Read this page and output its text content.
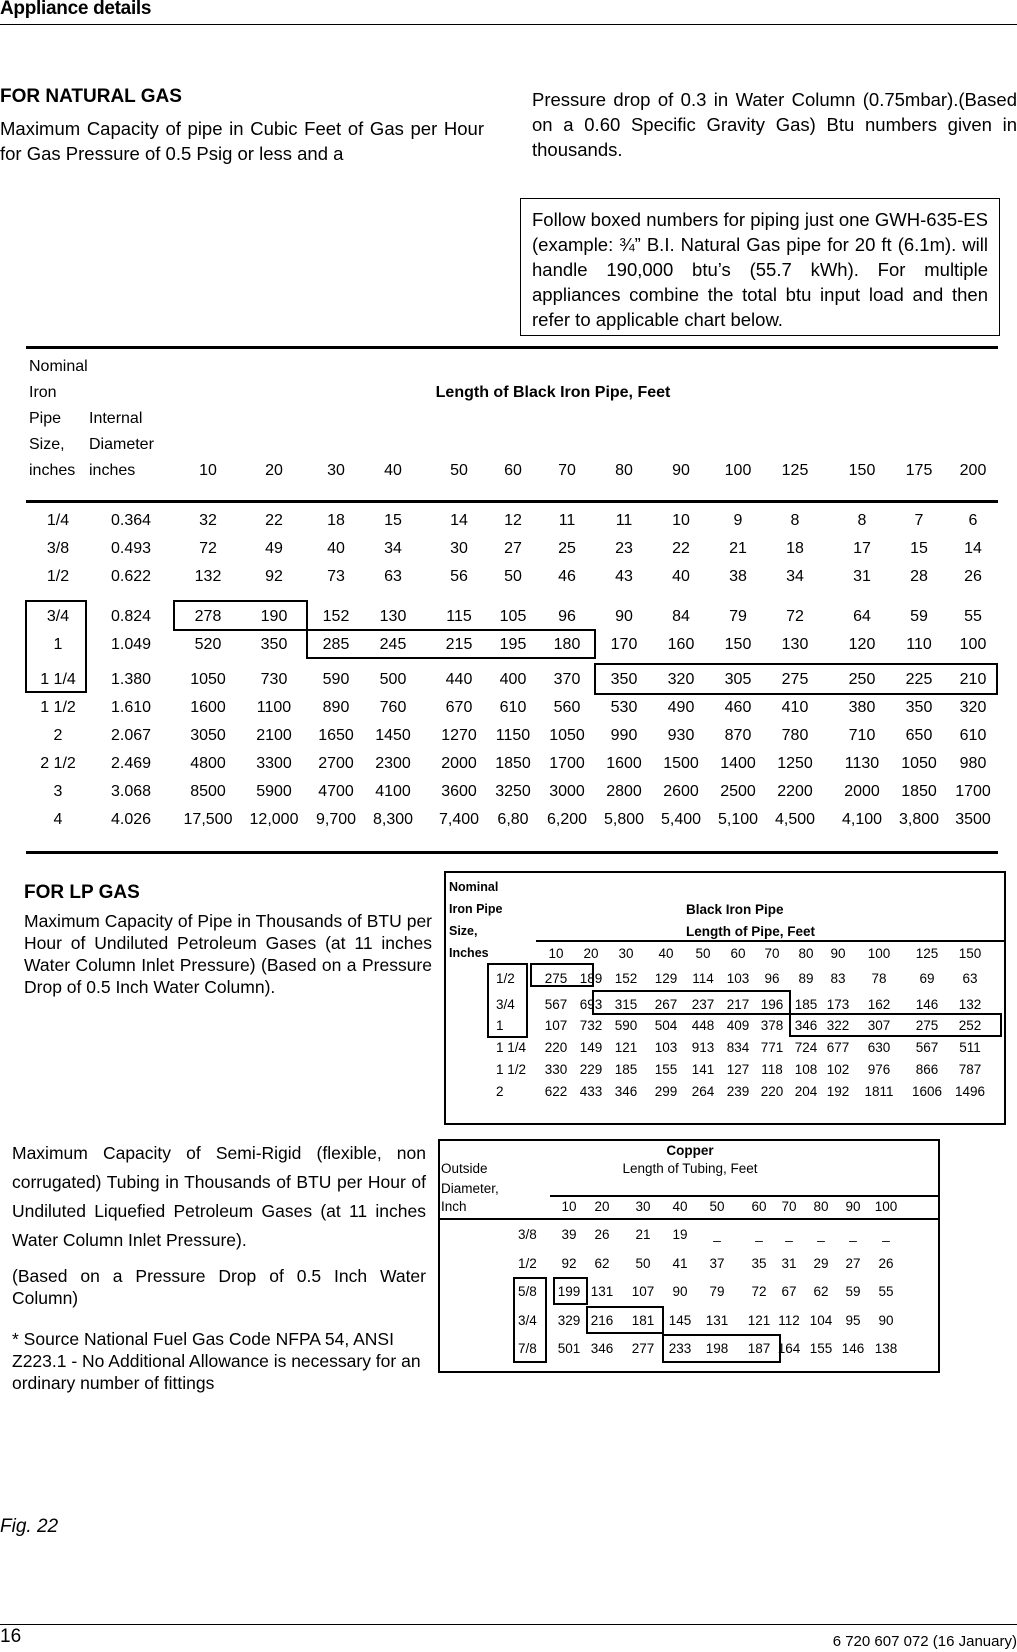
Appliance details
FOR NATURAL GAS
Maximum Capacity of pipe in Cubic Feet of Gas per Hour for Gas Pressure of 0.5 Psig or less and a
Pressure drop of 0.3 in Water Column (0.75mbar).(Based on a 0.60 Specific Gravity Gas) Btu numbers given in thousands.
Follow boxed numbers for piping just one GWH-635-ES (example: ¾” B.I. Natural Gas pipe for 20 ft (6.1m). will handle 190,000 btu’s (55.7 kWh). For multiple appliances combine the total btu input load and then refer to applicable chart below.
Nominal
Iron
Pipe
Size,
inches
Internal
Diameter
inches
Length of Black Iron Pipe, Feet
10	20	30 40	50 60 70 80 90 100 125	150 175 200
1/4	0.364	32	22	18 15	14 12 11	11 10	9	8	8	7	6
3/8	0.493	72	49	40 34	30 27 25 23 22 21 18	17 15 14
1/2	0.622	132	92	73 63	56 50 46 43 40 38 34	31 28 26
3/4	0.824	278 190 152 130 115 105 96 90 84 79 72	64 59 55
1	1.049	520 350 285 245 215 195 180 170 160 150 130	120 110 100
1 1/4 1.380 1050 730 590 500 440 400 370 350 320 305 275	250 225 210
1 1/2 1.610 1600 1100 890 760 670 610 560 530 490 460 410	380 350 320
2	2.067 3050 2100 1650 1450 1270 1150 1050 990 930 870 780	710 650 610
2 1/2 2.469 4800 3300 2700 2300 2000 1850 1700 1600 1500 1400 1250 1130 1050 980
3	3.068 8500 5900 4700 4100 3600 3250 3000 2800 2600 2500 2200 2000 1850 1700
4	4.026 17,500 12,000 9,700 8,300 7,400 6,80 6,200 5,800 5,400 5,100 4,500 4,100 3,800 3500
FOR LP GAS
Maximum Capacity of Pipe in Thousands of BTU per Hour of Undiluted Petroleum Gases (at 11 inches Water Column Inlet Pressure) (Based on a Pressure Drop of 0.5 Inch Water Column).
Nominal
Iron Pipe
Size,
Inches
Black Iron Pipe
Length of Pipe, Feet
10 20 30 40 50 60 70 80 90 100 125 150
1/2 275 189 152 129 114 103 96 89 83 78 69 63
3/4 567 693 315 267 237 217 196 185 173 162 146 132
1	107 732 590 504 448 409 378 346 322 307 275 252
1 1/4 220 149 121 103 913 834 771 724 677 630 567 511
1 1/2 330 229 185 155 141 127 118 108 102 976 866 787
2	622 433 346 299 264 239 220 204 192 1811 1606 1496
Maximum Capacity of Semi-Rigid (flexible, non corrugated) Tubing in Thousands of BTU per Hour of Undiluted Liquefied Petroleum Gases (at 11 inches Water Column Inlet Pressure).
(Based on a Pressure Drop of 0.5 Inch Water Column)
* Source National Fuel Gas Code NFPA 54, ANSI Z223.1 - No Additional Allowance is necessary for an ordinary number of fittings
Copper
Length of Tubing, Feet
Outside
Diameter,
Inch	10 20 30 40 50 60 70 80 90 100
3/8 39 26 21 19 _	_ _ _ _ _
1/2 92 62 50 41 37 35 31 29 27 26
5/8 199 131 107 90 79 72 67 62 59 55
3/4 329 216 181 145 131 121 112 104 95 90
7/8 501 346 277 233 198 187 164 155 146 138
Fig. 22
16	6 720 607 072 (16 January)
